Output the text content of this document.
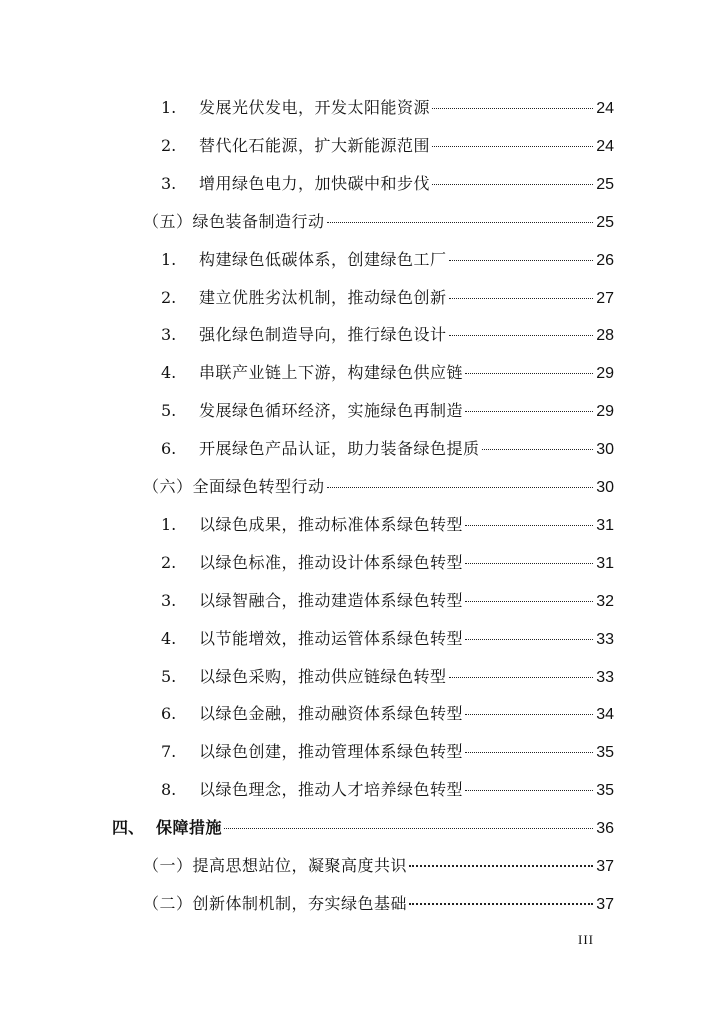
1.	发展光伏发电，开发太阳能资源	24
2.	替代化石能源，扩大新能源范围	24
3.	增用绿色电力，加快碳中和步伐	25
（五）绿色装备制造行动	25
1.	构建绿色低碳体系，创建绿色工厂	26
2.	建立优胜劣汰机制，推动绿色创新	27
3.	强化绿色制造导向，推行绿色设计	28
4.	串联产业链上下游，构建绿色供应链	29
5.	发展绿色循环经济，实施绿色再制造	29
6.	开展绿色产品认证，助力装备绿色提质	30
（六）全面绿色转型行动	30
1.	以绿色成果，推动标准体系绿色转型	31
2.	以绿色标准，推动设计体系绿色转型	31
3.	以绿智融合，推动建造体系绿色转型	32
4.	以节能增效，推动运管体系绿色转型	33
5.	以绿色采购，推动供应链绿色转型	33
6.	以绿色金融，推动融资体系绿色转型	34
7.	以绿色创建，推动管理体系绿色转型	35
8.	以绿色理念，推动人才培养绿色转型	35
四、 保障措施	36
（一）提高思想站位，凝聚高度共识	37
（二）创新体制机制，夯实绿色基础	37
III
